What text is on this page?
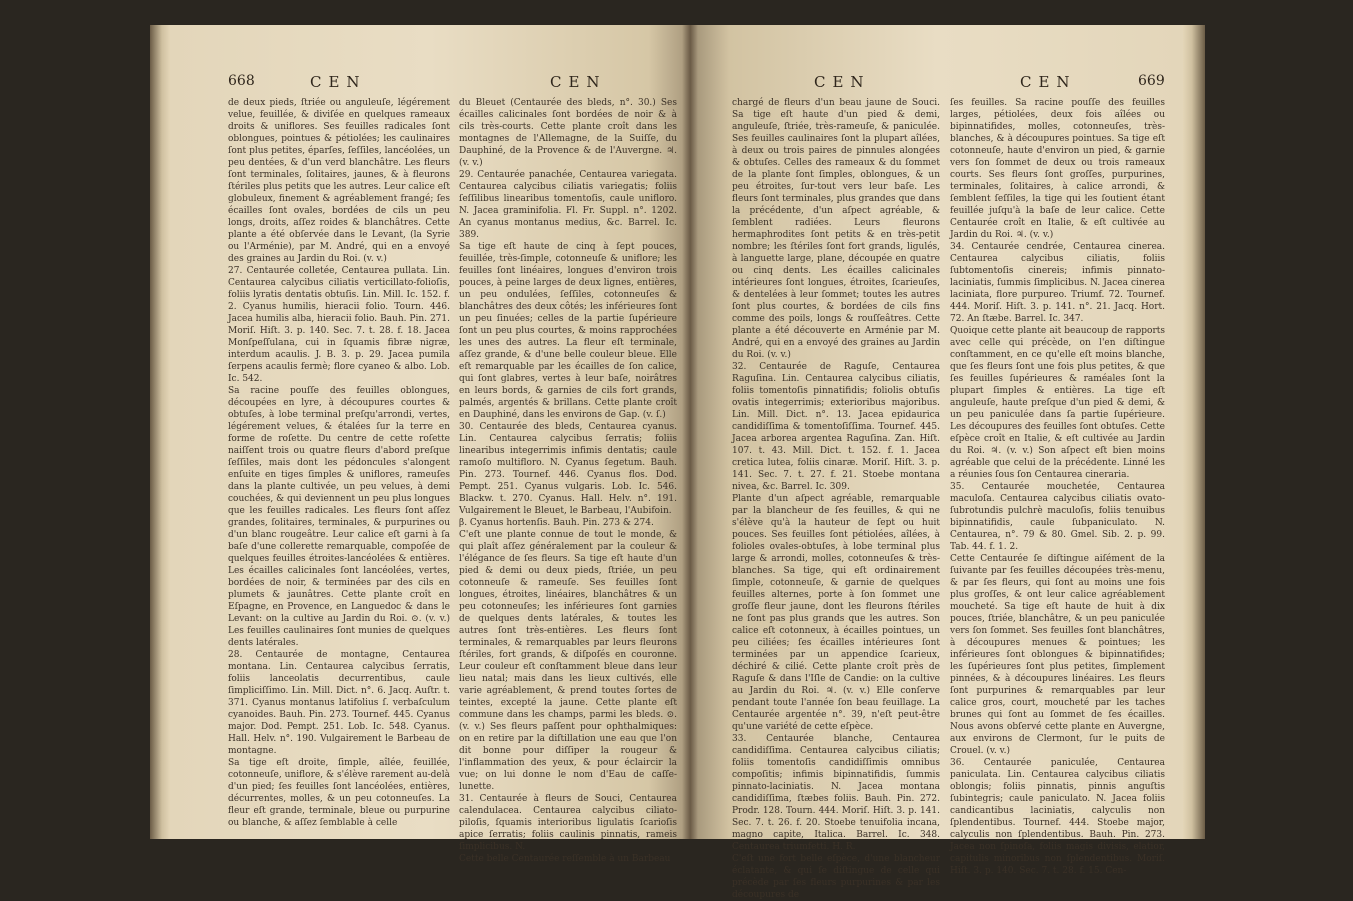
668	CEN	CEN

de deux pieds, ſtriée ou anguleuſe, légérement velue, feuillée, & diviſée en quelques rameaux droits & uniflores. Ses feuilles radicales ſont oblongues, pointues & pétiolées; les caulinaires ſont plus petites, éparſes, ſeſſiles, lancéolées, un peu dentées, & d'un verd blanchâtre. Les fleurs ſont terminales, ſolitaires, jaunes, & à fleurons ſtériles plus petits que les autres. Leur calice eſt globuleux, finement & agréablement frangé; ſes écailles ſont ovales, bordées de cils un peu longs, droits, aſſez roides & blanchâtres. Cette plante a été obſervée dans le Levant, (la Syrie ou l'Arménie), par M. André, qui en a envoyé des graines au Jardin du Roi. (v. v.)

27. Centaurée colletée, Centaurea pullata. Lin. Centaurea calycibus ciliatis verticillato-folioſis, foliis lyratis dentatis obtuſis. Lin. Mill. Ic. 152. f. 2. Cyanus humilis, hieracii folio. Tourn. 446. Jacea humilis alba, hieracii folio. Bauh. Pin. 271. Moriſ. Hiſt. 3. p. 140. Sec. 7. t. 28. f. 18. Jacea Monſpeſſulana, cui in ſquamis fibræ nigræ, interdum acaulis. J. B. 3. p. 29. Jacea pumila ſerpens acaulis fermè; flore cyaneo & albo. Lob. Ic. 542.

Sa racine pouſſe des feuilles oblongues, découpées en lyre, à découpures courtes & obtuſes, à lobe terminal preſqu'arrondi, vertes, légérement velues, & étalées ſur la terre en forme de roſette. Du centre de cette roſette naiſſent trois ou quatre fleurs d'abord preſque ſeſſiles, mais dont les pédoncules s'alongent enſuite en tiges ſimples & uniflores, rameuſes dans la plante cultivée, un peu velues, à demi couchées, & qui deviennent un peu plus longues que les feuilles radicales. Les fleurs ſont aſſez grandes, ſolitaires, terminales, & purpurines ou d'un blanc rougeâtre. Leur calice eſt garni à ſa baſe d'une collerette remarquable, compoſée de quelques feuilles étroites-lancéolées & entières. Les écailles calicinales ſont lancéolées, vertes, bordées de noir, & terminées par des cils en plumets & jaunâtres. Cette plante croît en Eſpagne, en Provence, en Languedoc & dans le Levant: on la cultive au Jardin du Roi. ⊙. (v. v.) Les feuilles caulinaires ſont munies de quelques dents latérales.

28. Centaurée de montagne, Centaurea montana. Lin. Centaurea calycibus ſerratis, foliis lanceolatis decurrentibus, caule ſimpliciſſimo. Lin. Mill. Dict. n°. 6. Jacq. Auſtr. t. 371. Cyanus montanus latifolius ſ. verbaſculum cyanoides. Bauh. Pin. 273. Tournef. 445. Cyanus major. Dod. Pempt. 251. Lob. Ic. 548. Cyanus. Hall. Helv. n°. 190. Vulgairement le Barbeau de montagne.

Sa tige eſt droite, ſimple, aîlée, feuillée, cotonneuſe, uniflore, & s'élève rarement au-delà d'un pied; ſes feuilles ſont lancéolées, entières, décurrentes, molles, & un peu cotonneuſes. La fleur eſt grande, terminale, bleue ou purpurine ou blanche, & aſſez ſemblable à celle

du Bleuet (Centaurée des bleds, n°. 30.) Ses écailles calicinales ſont bordées de noir & à cils très-courts. Cette plante croît dans les montagnes de l'Allemagne, de la Suiſſe, du Dauphiné, de la Provence & de l'Auvergne. ♃. (v. v.)

29. Centaurée panachée, Centaurea variegata. Centaurea calycibus ciliatis variegatis; foliis ſeſſilibus linearibus tomentoſis, caule unifloro. N. Jacea graminifolia. Fl. Fr. Suppl. n°. 1202. An cyanus montanus medius, &c. Barrel. Ic. 389.

Sa tige eſt haute de cinq à ſept pouces, feuillée, très-ſimple, cotonneuſe & uniflore; les feuilles ſont linéaires, longues d'environ trois pouces, à peine larges de deux lignes, entières, un peu ondulées, ſeſſiles, cotonneuſes & blanchâtres des deux côtés; les inférieures ſont un peu ſinuées; celles de la partie ſupérieure ſont un peu plus courtes, & moins rapprochées les unes des autres. La fleur eſt terminale, aſſez grande, & d'une belle couleur bleue. Elle eſt remarquable par les écailles de ſon calice, qui ſont glabres, vertes à leur baſe, noirâtres en leurs bords, & garnies de cils fort grands, palmés, argentés & brillans. Cette plante croît en Dauphiné, dans les environs de Gap. (v. ſ.)

30. Centaurée des bleds, Centaurea cyanus. Lin. Centaurea calycibus ſerratis; foliis linearibus integerrimis infimis dentatis; caule ramoſo multifloro. N. Cyanus ſegetum. Bauh. Pin. 273. Tournef. 446. Cyanus flos. Dod. Pempt. 251. Cyanus vulgaris. Lob. Ic. 546. Blackw. t. 270. Cyanus. Hall. Helv. n°. 191. Vulgairement le Bleuet, le Barbeau, l'Aubifoin.

β. Cyanus hortenſis. Bauh. Pin. 273 & 274.

C'eſt une plante connue de tout le monde, & qui plaît aſſez généralement par la couleur & l'élégance de ſes fleurs. Sa tige eſt haute d'un pied & demi ou deux pieds, ſtriée, un peu cotonneuſe & rameuſe. Ses feuilles ſont longues, étroites, linéaires, blanchâtres & un peu cotonneuſes; les inférieures ſont garnies de quelques dents latérales, & toutes les autres ſont très-entières. Les fleurs ſont terminales, & remarquables par leurs fleurons ſtériles, fort grands, & diſpoſés en couronne. Leur couleur eſt conſtamment bleue dans leur lieu natal; mais dans les lieux cultivés, elle varie agréablement, & prend toutes ſortes de teintes, excepté la jaune. Cette plante eſt commune dans les champs, parmi les bleds. ⊙. (v. v.) Ses fleurs paſſent pour ophthalmiques: on en retire par la diſtillation une eau que l'on dit bonne pour diſſiper la rougeur & l'inflammation des yeux, & pour éclaircir la vue; on lui donne le nom d'Eau de caſſe-lunette.

31. Centaurée à fleurs de Souci, Centaurea calendulacea. Centaurea calycibus ciliato-piloſis, ſquamis interioribus ligulatis ſcarioſis apice ſerratis; foliis caulinis pinnatis, rameis ſimplicibus. N.

Cette belle Centaurée reſſemble à un Barbeau

CEN	CEN	669

chargé de fleurs d'un beau jaune de Souci. Sa tige eſt haute d'un pied & demi, anguleuſe, ſtriée, très-rameuſe, & paniculée. Ses feuilles caulinaires ſont la plupart aîlées, à deux ou trois paires de pinnules alongées & obtuſes. Celles des rameaux & du ſommet de la plante ſont ſimples, oblongues, & un peu étroites, ſur-tout vers leur baſe. Les fleurs ſont terminales, plus grandes que dans la précédente, d'un aſpect agréable, & ſemblent radiées. Leurs fleurons hermaphrodites ſont petits & en très-petit nombre; les ſtériles ſont fort grands, ligulés, à languette large, plane, découpée en quatre ou cinq dents. Les écailles calicinales intérieures ſont longues, étroites, ſcarieuſes, & dentelées à leur ſommet; toutes les autres ſont plus courtes, & bordées de cils fins comme des poils, longs & rouſſeâtres. Cette plante a été découverte en Arménie par M. André, qui en a envoyé des graines au Jardin du Roi. (v. v.)

32. Centaurée de Raguſe, Centaurea Raguſina. Lin. Centaurea calycibus ciliatis, foliis tomentoſis pinnatifidis; foliolis obtuſis ovatis integerrimis; exterioribus majoribus. Lin. Mill. Dict. n°. 13. Jacea epidaurica candidiſſima & tomentoſiſſima. Tournef. 445. Jacea arborea argentea Raguſina. Zan. Hiſt. 107. t. 43. Mill. Dict. t. 152. f. 1. Jacea cretica lutea, foliis cinaræ. Moriſ. Hiſt. 3. p. 141. Sec. 7. t. 27. f. 21. Stoebe montana nivea, &c. Barrel. Ic. 309.

Plante d'un aſpect agréable, remarquable par la blancheur de ſes feuilles, & qui ne s'élève qu'à la hauteur de ſept ou huit pouces. Ses feuilles ſont pétiolées, aîlées, à folioles ovales-obtuſes, à lobe terminal plus large & arrondi, molles, cotonneuſes & très-blanches. Sa tige, qui eſt ordinairement ſimple, cotonneuſe, & garnie de quelques feuilles alternes, porte à ſon ſommet une groſſe fleur jaune, dont les fleurons ſtériles ne ſont pas plus grands que les autres. Son calice eſt cotonneux, à écailles pointues, un peu ciliées; ſes écailles intérieures ſont terminées par un appendice ſcarieux, déchiré & cilié. Cette plante croît près de Raguſe & dans l'Iſle de Candie: on la cultive au Jardin du Roi. ♃. (v. v.) Elle conſerve pendant toute l'année ſon beau feuillage. La Centaurée argentée n°. 39, n'eſt peut-être qu'une variété de cette eſpèce.

33. Centaurée blanche, Centaurea candidiſſima. Centaurea calycibus ciliatis; foliis tomentoſis candidiſſimis omnibus compoſitis; infimis bipinnatifidis, ſummis pinnato-laciniatis. N. Jacea montana candidiſſima, ſtæbes foliis. Bauh. Pin. 272. Prodr. 128. Tourn. 444. Moriſ. Hiſt. 3. p. 141. Sec. 7. t. 26. f. 20. Stoebe tenuifolia incana, magno capite, Italica. Barrel. Ic. 348. Centaurea triumfetti. H. R.

C'eſt une fort belle eſpèce, d'une blancheur éclatante, & qui ſe diſtingue de celle qui précède par ſes fleurs purpurines & par les découpures de

ſes feuilles. Sa racine pouſſe des feuilles larges, pétiolées, deux fois aîlées ou bipinnatifides, molles, cotonneuſes, très-blanches, & à découpures pointues. Sa tige eſt cotonneuſe, haute d'environ un pied, & garnie vers ſon ſommet de deux ou trois rameaux courts. Ses fleurs ſont groſſes, purpurines, terminales, ſolitaires, à calice arrondi, & ſemblent ſeſſiles, la tige qui les ſoutient étant feuillée juſqu'à la baſe de leur calice. Cette Centaurée croît en Italie, & eſt cultivée au Jardin du Roi. ♃. (v. v.)

34. Centaurée cendrée, Centaurea cinerea. Centaurea calycibus ciliatis, foliis ſubtomentoſis cinereis; infimis pinnato-laciniatis, ſummis ſimplicibus. N. Jacea cinerea laciniata, flore purpureo. Triumf. 72. Tournef. 444. Moriſ. Hiſt. 3. p. 141. n°. 21. Jacq. Hort. 72. An ſtæbe. Barrel. Ic. 347.

Quoique cette plante ait beaucoup de rapports avec celle qui précède, on l'en diſtingue conſtamment, en ce qu'elle eſt moins blanche, que ſes fleurs ſont une fois plus petites, & que ſes feuilles ſupérieures & raméales ſont la plupart ſimples & entières. La tige eſt anguleuſe, haute preſque d'un pied & demi, & un peu paniculée dans ſa partie ſupérieure. Les découpures des feuilles ſont obtuſes. Cette eſpèce croît en Italie, & eſt cultivée au Jardin du Roi. ♃. (v. v.) Son aſpect eſt bien moins agréable que celui de la précédente. Linné les a réunies ſous ſon Centaurea cineraria.

35. Centaurée mouchetée, Centaurea maculoſa. Centaurea calycibus ciliatis ovato-ſubrotundis pulchrè maculoſis, foliis tenuibus bipinnatifidis, caule ſubpaniculato. N. Centaurea, n°. 79 & 80. Gmel. Sib. 2. p. 99. Tab. 44. f. 1. 2.

Cette Centaurée ſe diſtingue aiſément de la ſuivante par ſes feuilles découpées très-menu, & par ſes fleurs, qui ſont au moins une fois plus groſſes, & ont leur calice agréablement moucheté. Sa tige eſt haute de huit à dix pouces, ſtriée, blanchâtre, & un peu paniculée vers ſon ſommet. Ses feuilles ſont blanchâtres, à découpures menues & pointues; les inférieures ſont oblongues & bipinnatifides; les ſupérieures ſont plus petites, ſimplement pinnées, & à découpures linéaires. Les fleurs ſont purpurines & remarquables par leur calice gros, court, moucheté par les taches brunes qui ſont au ſommet de ſes écailles. Nous avons obſervé cette plante en Auvergne, aux environs de Clermont, ſur le puits de Crouel. (v. v.)

36. Centaurée paniculée, Centaurea paniculata. Lin. Centaurea calycibus ciliatis oblongis; foliis pinnatis, pinnis anguſtis ſubintegris; caule paniculato. N. Jacea foliis candicantibus laciniatis, calyculis non ſplendentibus. Tournef. 444. Stoebe major, calyculis non ſplendentibus. Bauh. Pin. 273. Jacea non ſpinoſa, foliis magis divisis, elatior, capitulis minoribus non ſplendentibus. Moriſ. Hiſt. 3. p. 140. Sec. 7. t. 28. f. 15. Cen-
